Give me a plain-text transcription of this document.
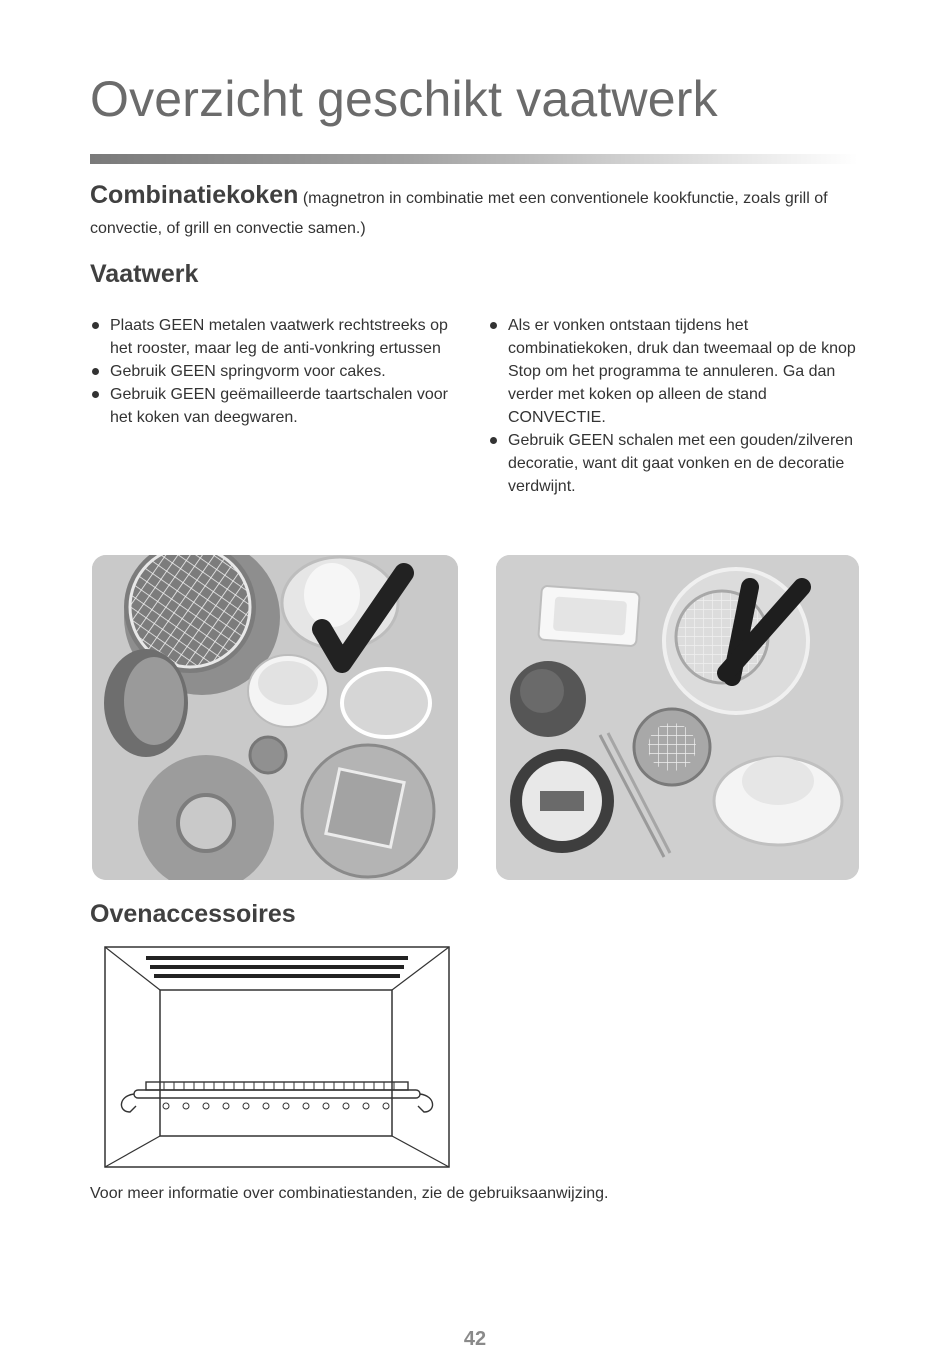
Overzicht geschikt vaatwerk

Combinatiekoken (magnetron in combinatie met een conventionele kookfunctie, zoals grill of convectie, of grill en convectie samen.)

Vaatwerk
Plaats GEEN metalen vaatwerk rechtstreeks op het rooster, maar leg de anti-vonkring ertussen
Gebruik GEEN springvorm voor cakes.
Gebruik GEEN geëmailleerde taartschalen voor het koken van deegwaren.
Als er vonken ontstaan tijdens het combinatiekoken, druk dan tweemaal op de knop Stop om het programma te annuleren. Ga dan verder met koken op alleen de stand CONVECTIE.
Gebruik GEEN schalen met een gouden/zilveren decoratie, want dit gaat vonken en de decoratie verdwijnt.
Ovenaccessoires

Voor meer informatie over combinatiestanden, zie de gebruiksaanwijzing.

42
